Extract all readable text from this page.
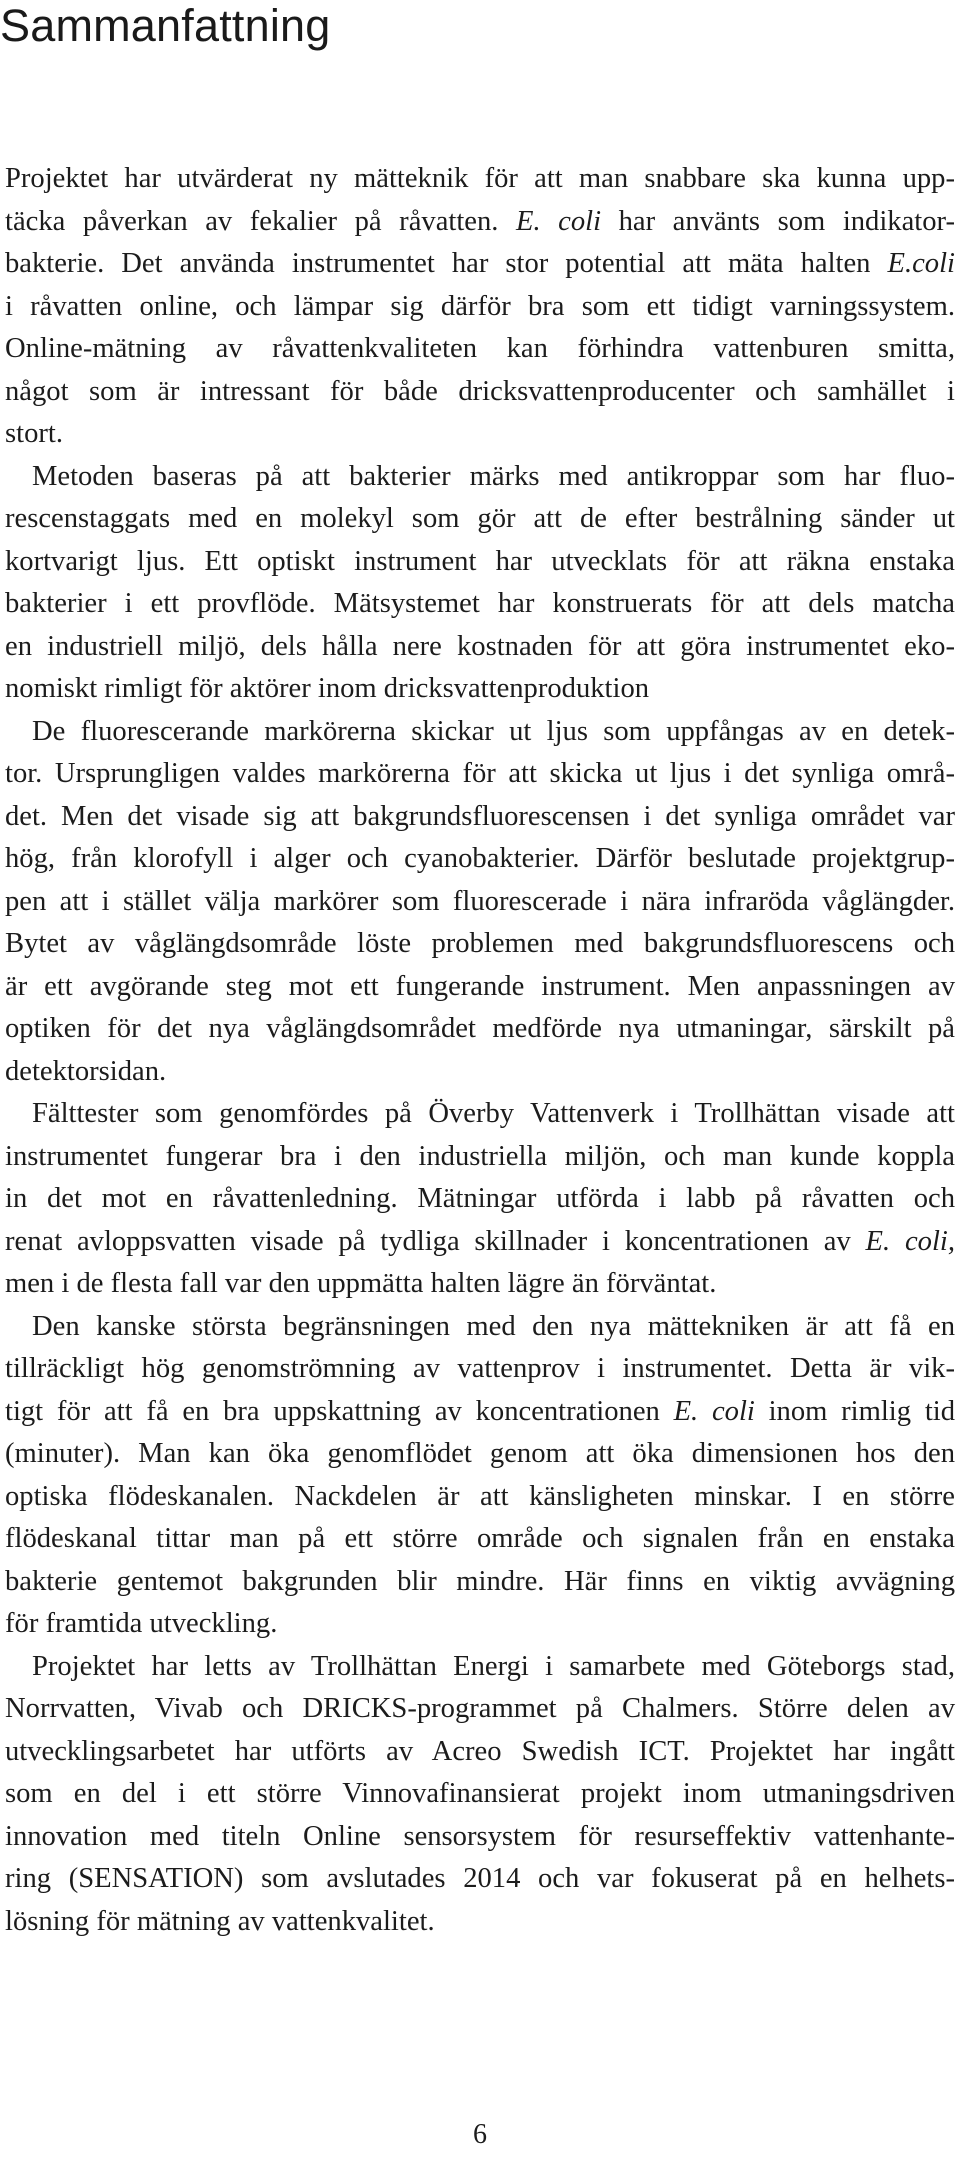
Sammanfattning
Projektet har utvärderat ny mätteknik för att man snabbare ska kunna upp-
täcka påverkan av fekalier på råvatten. E. coli har använts som indikator-
bakterie. Det använda instrumentet har stor potential att mäta halten E.coli
i råvatten online, och lämpar sig därför bra som ett tidigt varningssystem.
Online-mätning av råvattenkvaliteten kan förhindra vattenburen smitta,
något som är intressant för både dricksvattenproducenter och samhället i
stort.
Metoden baseras på att bakterier märks med antikroppar som har fluo-
rescenstaggats med en molekyl som gör att de efter bestrålning sänder ut
kortvarigt ljus. Ett optiskt instrument har utvecklats för att räkna enstaka
bakterier i ett provflöde. Mätsystemet har konstruerats för att dels matcha
en industriell miljö, dels hålla nere kostnaden för att göra instrumentet eko-
nomiskt rimligt för aktörer inom dricksvattenproduktion
De fluorescerande markörerna skickar ut ljus som uppfångas av en detek-
tor. Ursprungligen valdes markörerna för att skicka ut ljus i det synliga områ-
det. Men det visade sig att bakgrundsfluorescensen i det synliga området var
hög, från klorofyll i alger och cyanobakterier. Därför beslutade projektgrup-
pen att i stället välja markörer som fluorescerade i nära infraröda våglängder.
Bytet av våglängdsområde löste problemen med bakgrundsfluorescens och
är ett avgörande steg mot ett fungerande instrument. Men anpassningen av
optiken för det nya våglängdsområdet medförde nya utmaningar, särskilt på
detektorsidan.
Fälttester som genomfördes på Överby Vattenverk i Trollhättan visade att
instrumentet fungerar bra i den industriella miljön, och man kunde koppla
in det mot en råvattenledning. Mätningar utförda i labb på råvatten och
renat avloppsvatten visade på tydliga skillnader i koncentrationen av E. coli,
men i de flesta fall var den uppmätta halten lägre än förväntat.
Den kanske största begränsningen med den nya mättekniken är att få en
tillräckligt hög genomströmning av vattenprov i instrumentet. Detta är vik-
tigt för att få en bra uppskattning av koncentrationen E. coli inom rimlig tid
(minuter). Man kan öka genomflödet genom att öka dimensionen hos den
optiska flödeskanalen. Nackdelen är att känsligheten minskar. I en större
flödeskanal tittar man på ett större område och signalen från en enstaka
bakterie gentemot bakgrunden blir mindre. Här finns en viktig avvägning
för framtida utveckling.
Projektet har letts av Trollhättan Energi i samarbete med Göteborgs stad,
Norrvatten, Vivab och DRICKS-programmet på Chalmers. Större delen av
utvecklingsarbetet har utförts av Acreo Swedish ICT. Projektet har ingått
som en del i ett större Vinnovafinansierat projekt inom utmaningsdriven
innovation med titeln Online sensorsystem för resurseffektiv vattenhante-
ring (SENSATION) som avslutades 2014 och var fokuserat på en helhets-
lösning för mätning av vattenkvalitet.
6
